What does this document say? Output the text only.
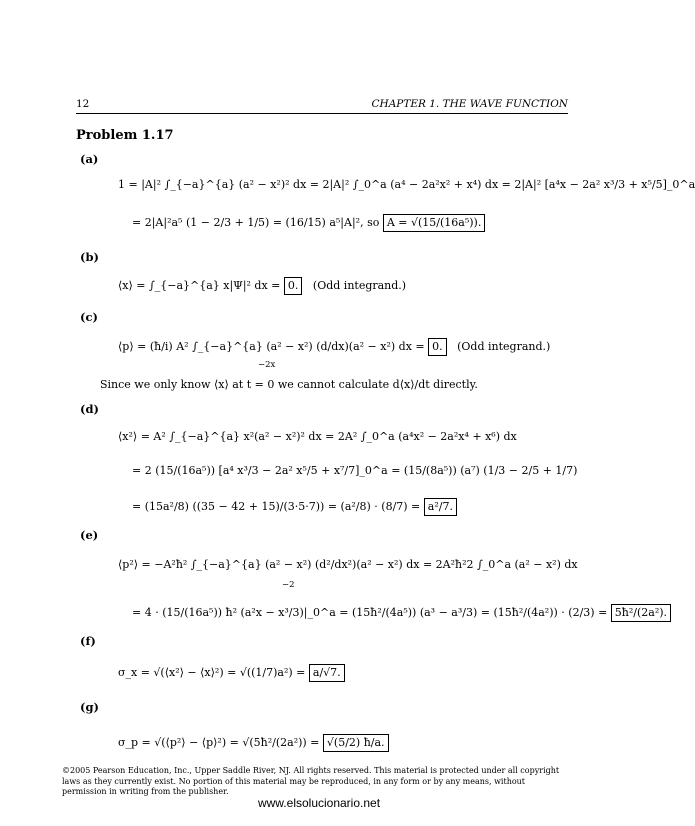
12	CHAPTER 1. THE WAVE FUNCTION
Problem 1.17
(a)
1 = |A|² ∫_{−a}^{a} (a² − x²)² dx = 2|A|² ∫_0^a (a⁴ − 2a²x² + x⁴) dx = 2|A|² [a⁴x − 2a² x³/3 + x⁵/5]_0^a
= 2|A|²a⁵ (1 − 2/3 + 1/5) = (16/15) a⁵|A|², so A = √(15/(16a⁵)).
(b)
⟨x⟩ = ∫_{−a}^{a} x|Ψ|² dx = 0. (Odd integrand.)
(c)
⟨p⟩ = (ħ/i) A² ∫_{−a}^{a} (a² − x²) (d/dx)(a² − x²) dx = 0. (Odd integrand.)
−2x
Since we only know ⟨x⟩ at t = 0 we cannot calculate d⟨x⟩/dt directly.
(d)
⟨x²⟩ = A² ∫_{−a}^{a} x²(a² − x²)² dx = 2A² ∫_0^a (a⁴x² − 2a²x⁴ + x⁶) dx
= 2 (15/(16a⁵)) [a⁴ x³/3 − 2a² x⁵/5 + x⁷/7]_0^a = (15/(8a⁵)) (a⁷) (1/3 − 2/5 + 1/7)
= (15a²/8) ((35 − 42 + 15)/(3·5·7)) = (a²/8) · (8/7) = a²/7.
(e)
⟨p²⟩ = −A²ħ² ∫_{−a}^{a} (a² − x²) (d²/dx²)(a² − x²) dx = 2A²ħ²2 ∫_0^a (a² − x²) dx
−2
= 4 · (15/(16a⁵)) ħ² (a²x − x³/3)|_0^a = (15ħ²/(4a⁵)) (a³ − a³/3) = (15ħ²/(4a²)) · (2/3) = 5ħ²/(2a²).
(f)
σ_x = √(⟨x²⟩ − ⟨x⟩²) = √((1/7)a²) = a/√7.
(g)
σ_p = √(⟨p²⟩ − ⟨p⟩²) = √(5ħ²/(2a²)) = √(5/2) ħ/a.
©2005 Pearson Education, Inc., Upper Saddle River, NJ. All rights reserved. This material is protected under all copyright laws as they currently exist. No portion of this material may be reproduced, in any form or by any means, without permission in writing from the publisher.
www.elsolucionario.net
